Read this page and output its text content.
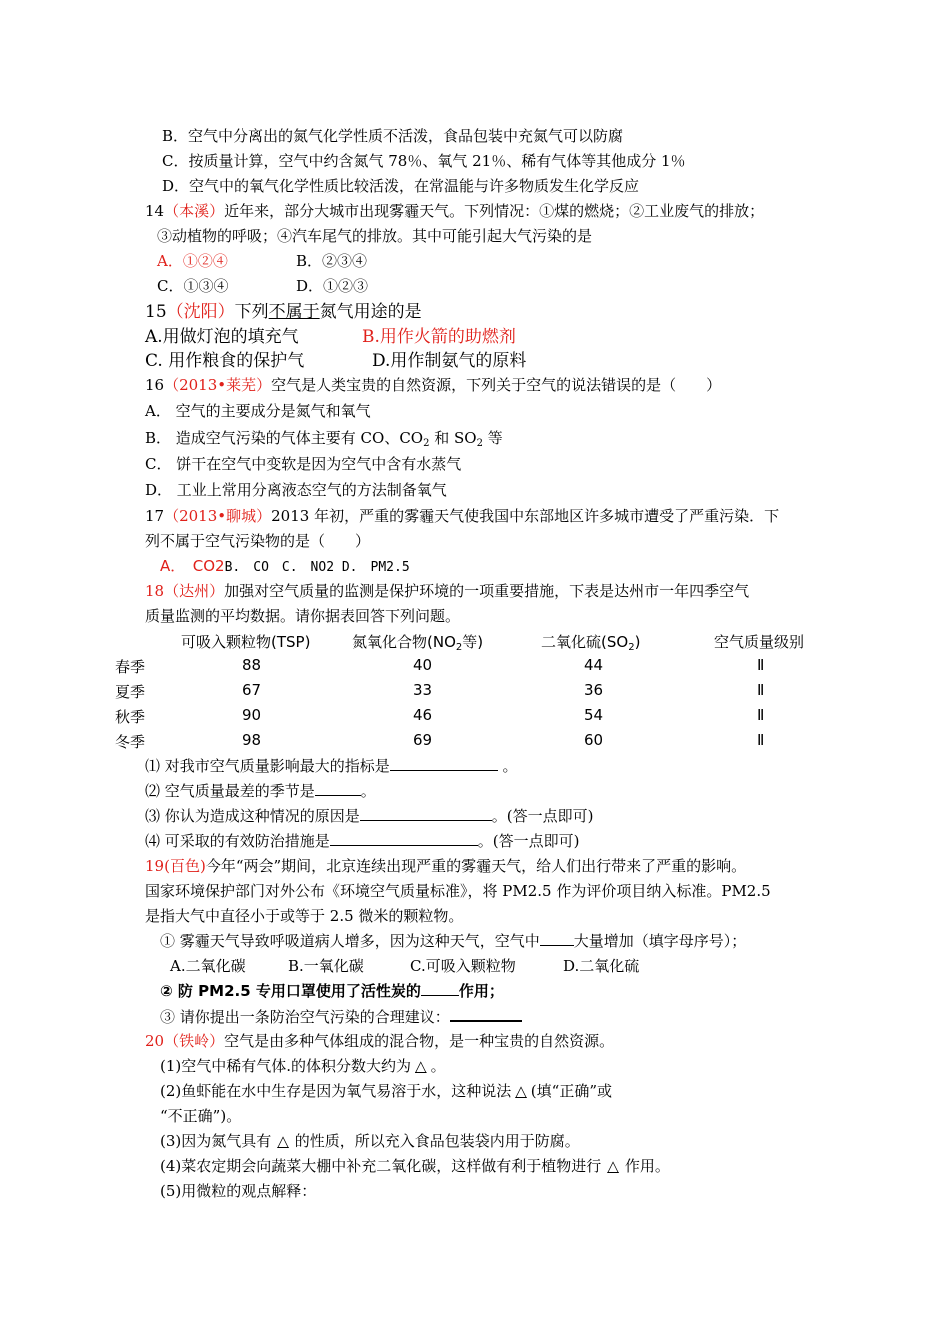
B．空气中分离出的氮气化学性质不活泼，食品包装中充氮气可以防腐
C．按质量计算，空气中约含氮气 78％、氧气 21％、稀有气体等其他成分 1％
D．空气中的氧气化学性质比较活泼，在常温能与许多物质发生化学反应
14（本溪）近年来，部分大城市出现雾霾天气。下列情况：①煤的燃烧；②工业废气的排放；
③动植物的呼吸；④汽车尾气的排放。其中可能引起大气污染的是
A．①②④	B．②③④
C．①③④	D．①②③
15（沈阳）下列不属于氮气用途的是
A.用做灯泡的填充气	B.用作火箭的助燃剂
C. 用作粮食的保护气	D.用作制氨气的原料
16（2013•莱芜）空气是人类宝贵的自然资源，下列关于空气的说法错误的是（　　）
A． 空气的主要成分是氮气和氧气
B． 造成空气污染的气体主要有 CO、$CO_2$ 和 $SO_2$ 等
C． 饼干在空气中变软是因为空气中含有水蒸气
D． 工业上常用分离液态空气的方法制备氧气
17（2013•聊城）2013 年初，严重的雾霾天气使我国中东部地区许多城市遭受了严重污染．下
列不属于空气污染物的是（　　）
A．　CO2B.　CO　C.　NO2 D.　PM2.5
18（达州）加强对空气质量的监测是保护环境的一项重要措施，下表是达州市一年四季空气
质量监测的平均数据。请你据表回答下列问题。
可吸入颗粒物(TSP)	氮氧化合物($NO_2$等)	二氧化硫$(SO_2)$	空气质量级别
春季	88	40	44	Ⅱ
夏季	67	33	36	Ⅱ
秋季	90	46	54	Ⅱ
冬季	98	69	60	Ⅱ
⑴ 对我市空气质量影响最大的指标是	。
⑵ 空气质量最差的季节是	。
⑶ 你认为造成这种情况的原因是	。(答一点即可)
⑷ 可采取的有效防治措施是	。(答一点即可)
19(百色)今年“两会”期间，北京连续出现严重的雾霾天气，给人们出行带来了严重的影响。
国家环境保护部门对外公布《环境空气质量标准》，将 PM2.5 作为评价项目纳入标准。PM2.5
是指大气中直径小于或等于 2.5 微米的颗粒物。
① 雾霾天气导致呼吸道病人增多，因为这种天气，空气中 大量增加（填字母序号）；
A.二氧化碳	B.一氧化碳	C.可吸入颗粒物	D.二氧化硫
② 防 PM2.5 专用口罩使用了活性炭的	作用；
③ 请你提出一条防治空气污染的合理建议：
20（铁岭）空气是由多种气体组成的混合物，是一种宝贵的自然资源。
(1)空气中稀有气体.的体积分数大约为 △ 。
(2)鱼虾能在水中生存是因为氧气易溶于水，这种说法 △ (填“正确”或
“不正确”)。
(3)因为氮气具有 △ 的性质，所以充入食品包装袋内用于防腐。
(4)菜农定期会向蔬菜大棚中补充二氧化碳，这样做有利于植物进行 △ 作用。
(5)用微粒的观点解释：
